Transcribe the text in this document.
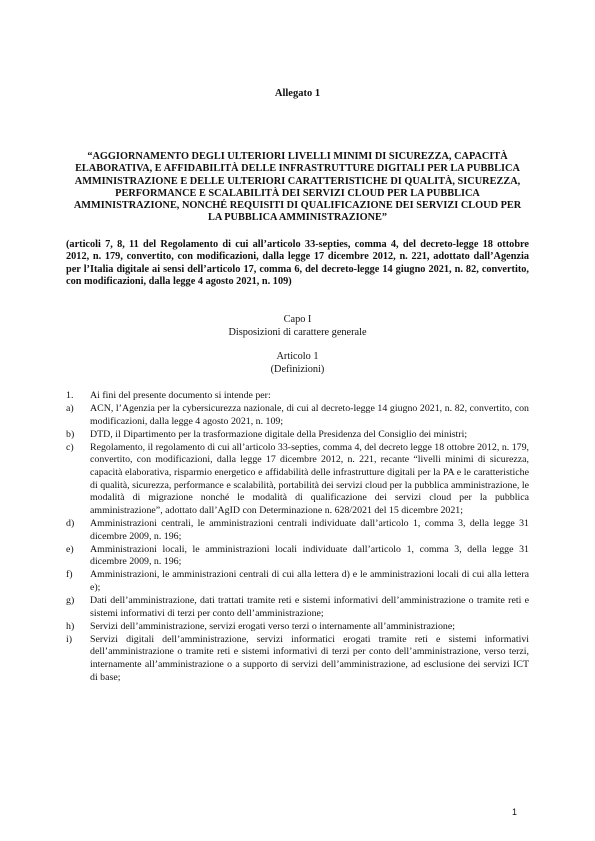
Allegato 1
“AGGIORNAMENTO DEGLI ULTERIORI LIVELLI MINIMI DI SICUREZZA, CAPACITÀ ELABORATIVA, E AFFIDABILITÀ DELLE INFRASTRUTTURE DIGITALI PER LA PUBBLICA AMMINISTRAZIONE E DELLE ULTERIORI CARATTERISTICHE DI QUALITÀ, SICUREZZA, PERFORMANCE E SCALABILITÀ DEI SERVIZI CLOUD PER LA PUBBLICA AMMINISTRAZIONE, NONCHÉ REQUISITI DI QUALIFICAZIONE DEI SERVIZI CLOUD PER LA PUBBLICA AMMINISTRAZIONE”
(articoli 7, 8, 11 del Regolamento di cui all’articolo 33-septies, comma 4, del decreto-legge 18 ottobre 2012, n. 179, convertito, con modificazioni, dalla legge 17 dicembre 2012, n. 221, adottato dall’Agenzia per l’Italia digitale ai sensi dell’articolo 17, comma 6, del decreto-legge 14 giugno 2021, n. 82, convertito, con modificazioni, dalla legge 4 agosto 2021, n. 109)
Capo I
Disposizioni di carattere generale
Articolo 1
(Definizioni)
1.	Ai fini del presente documento si intende per:
a)	ACN, l’Agenzia per la cybersicurezza nazionale, di cui al decreto-legge 14 giugno 2021, n. 82, convertito, con modificazioni, dalla legge 4 agosto 2021, n. 109;
b)	DTD, il Dipartimento per la trasformazione digitale della Presidenza del Consiglio dei ministri;
c)	Regolamento, il regolamento di cui all’articolo 33-septies, comma 4, del decreto legge 18 ottobre 2012, n. 179, convertito, con modificazioni, dalla legge 17 dicembre 2012, n. 221, recante “livelli minimi di sicurezza, capacità elaborativa, risparmio energetico e affidabilità delle infrastrutture digitali per la PA e le caratteristiche di qualità, sicurezza, performance e scalabilità, portabilità dei servizi cloud per la pubblica amministrazione, le modalità di migrazione nonché le modalità di qualificazione dei servizi cloud per la pubblica amministrazione”, adottato dall’AgID con Determinazione n. 628/2021 del 15 dicembre 2021;
d)	Amministrazioni centrali, le amministrazioni centrali individuate dall’articolo 1, comma 3, della legge 31 dicembre 2009, n. 196;
e)	Amministrazioni locali, le amministrazioni locali individuate dall’articolo 1, comma 3, della legge 31 dicembre 2009, n. 196;
f)	Amministrazioni, le amministrazioni centrali di cui alla lettera d) e le amministrazioni locali di cui alla lettera e);
g)	Dati dell’amministrazione, dati trattati tramite reti e sistemi informativi dell’amministrazione o tramite reti e sistemi informativi di terzi per conto dell’amministrazione;
h)	Servizi dell’amministrazione, servizi erogati verso terzi o internamente all’amministrazione;
i)	Servizi digitali dell’amministrazione, servizi informatici erogati tramite reti e sistemi informativi dell’amministrazione o tramite reti e sistemi informativi di terzi per conto dell’amministrazione, verso terzi, internamente all’amministrazione o a supporto di servizi dell’amministrazione, ad esclusione dei servizi ICT di base;
1
